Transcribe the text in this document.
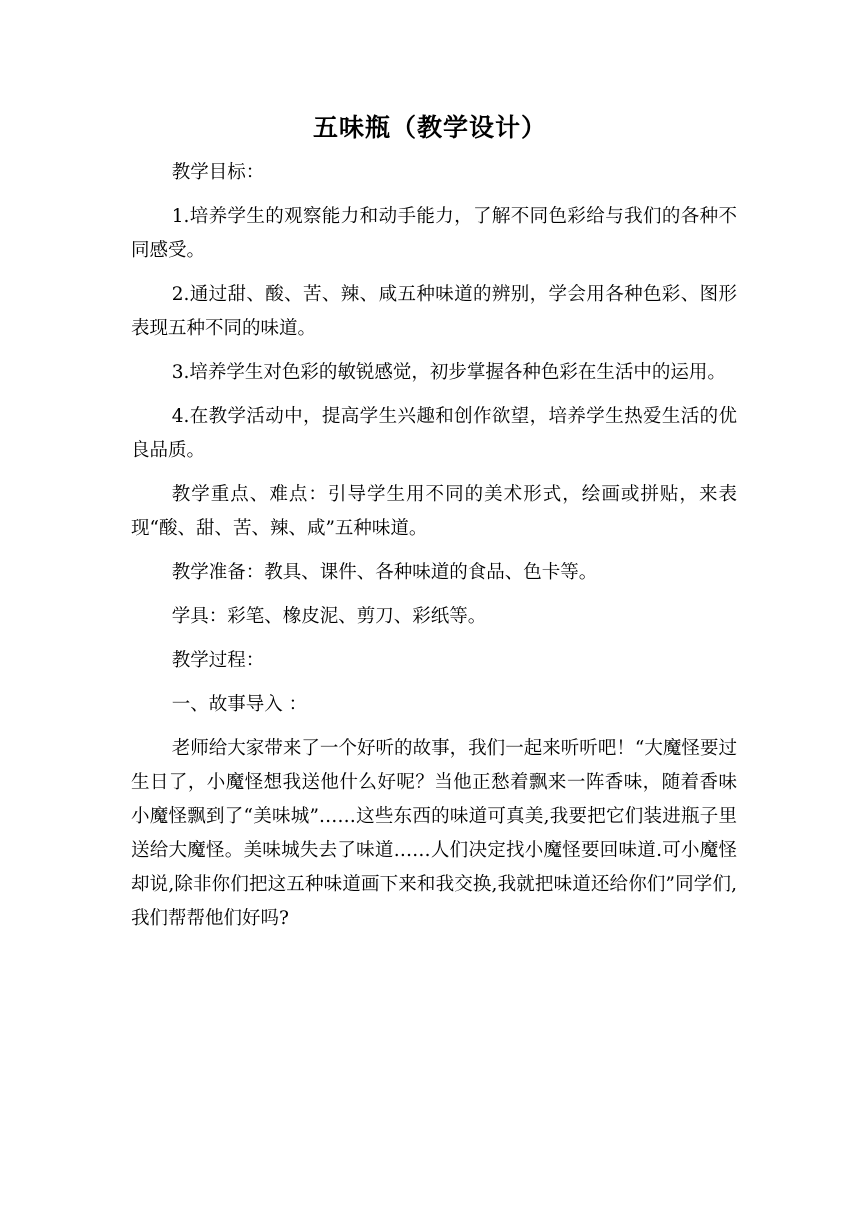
五味瓶（教学设计）

教学目标：

1.培养学生的观察能力和动手能力，了解不同色彩给与我们的各种不同感受。

2.通过甜、酸、苦、辣、咸五种味道的辨别，学会用各种色彩、图形表现五种不同的味道。

3.培养学生对色彩的敏锐感觉，初步掌握各种色彩在生活中的运用。

4.在教学活动中，提高学生兴趣和创作欲望，培养学生热爱生活的优良品质。

教学重点、难点：引导学生用不同的美术形式，绘画或拼贴，来表现“酸、甜、苦、辣、咸”五种味道。

教学准备：教具、课件、各种味道的食品、色卡等。

学具：彩笔、橡皮泥、剪刀、彩纸等。

教学过程：

一、故事导入 ：

老师给大家带来了一个好听的故事，我们一起来听听吧！“大魔怪要过生日了，小魔怪想我送他什么好呢？当他正愁着飘来一阵香味，随着香味小魔怪飘到了“美味城”……这些东西的味道可真美,我要把它们装进瓶子里送给大魔怪。美味城失去了味道……人们决定找小魔怪要回味道.可小魔怪却说,除非你们把这五种味道画下来和我交换,我就把味道还给你们”同学们,我们帮帮他们好吗?
